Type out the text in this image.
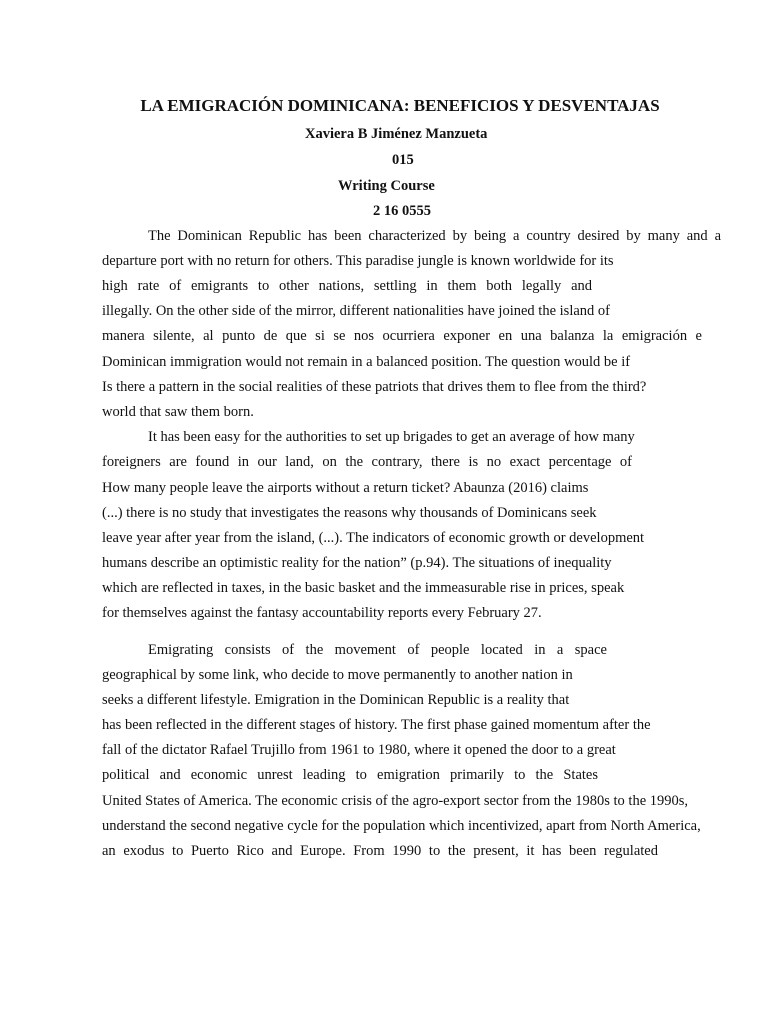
LA EMIGRACIÓN DOMINICANA: BENEFICIOS Y DESVENTAJAS
Xaviera B Jiménez Manzueta
015
Writing Course
2 16 0555
The Dominican Republic has been characterized by being a country desired by many and a
departure port with no return for others. This paradise jungle is known worldwide for its
high rate of emigrants to other nations, settling in them both legally and
illegally. On the other side of the mirror, different nationalities have joined the island of
manera silente, al punto de que si se nos ocurriera exponer en una balanza la emigración e
Dominican immigration would not remain in a balanced position. The question would be if
Is there a pattern in the social realities of these patriots that drives them to flee from the third?
world that saw them born.
It has been easy for the authorities to set up brigades to get an average of how many
foreigners are found in our land, on the contrary, there is no exact percentage of
How many people leave the airports without a return ticket? Abaunza (2016) claims
(...) there is no study that investigates the reasons why thousands of Dominicans seek
leave year after year from the island, (...). The indicators of economic growth or development
humans describe an optimistic reality for the nation” (p.94). The situations of inequality
which are reflected in taxes, in the basic basket and the immeasurable rise in prices, speak
for themselves against the fantasy accountability reports every February 27.
Emigrating consists of the movement of people located in a space
geographical by some link, who decide to move permanently to another nation in
seeks a different lifestyle. Emigration in the Dominican Republic is a reality that
has been reflected in the different stages of history. The first phase gained momentum after the
fall of the dictator Rafael Trujillo from 1961 to 1980, where it opened the door to a great
political and economic unrest leading to emigration primarily to the States
United States of America. The economic crisis of the agro-export sector from the 1980s to the 1990s,
understand the second negative cycle for the population which incentivized, apart from North America,
an exodus to Puerto Rico and Europe. From 1990 to the present, it has been regulated
